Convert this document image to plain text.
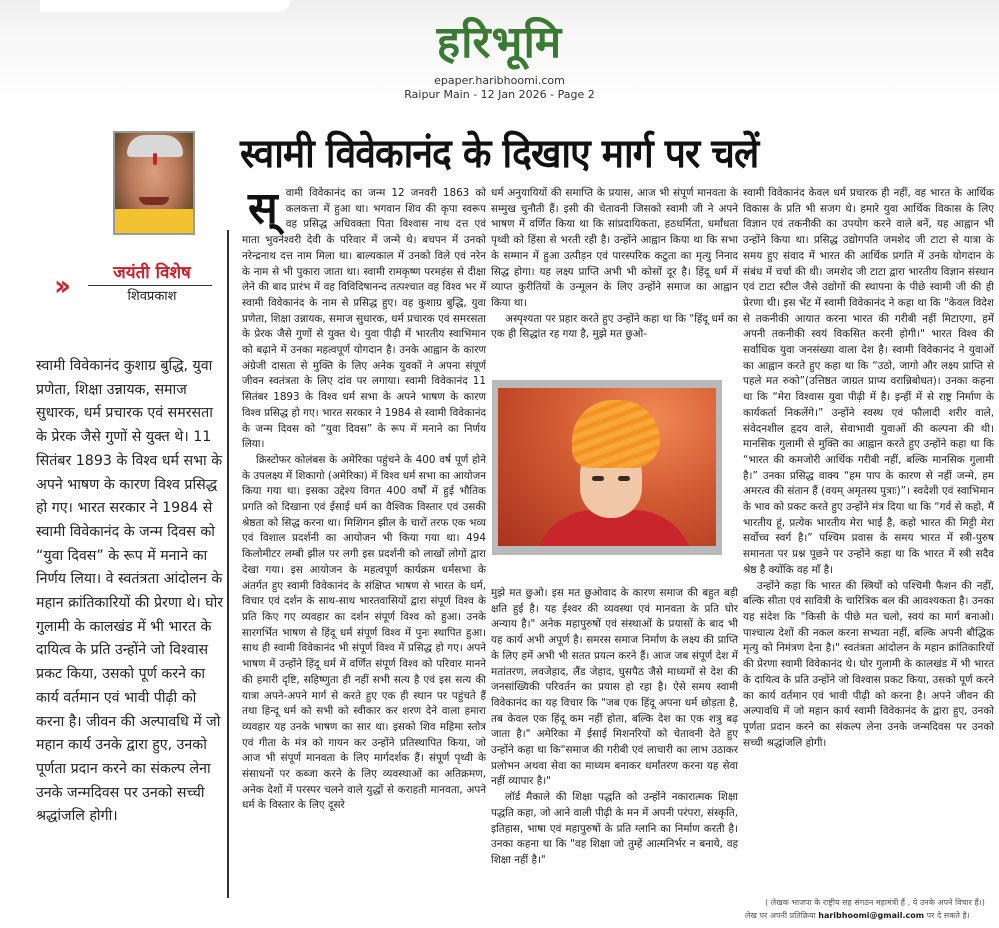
हरिभूमि
epaper.haribhoomi.com
Raipur Main - 12 Jan 2026 - Page 2
››	जयंती विशेष
शिवप्रकाश
स्वामी विवेकानंद कुशाग्र बुद्धि, युवा प्रणेता, शिक्षा उन्नायक, समाज सुधारक, धर्म प्रचारक एवं समरसता के प्रेरक जैसे गुणों से युक्त थे। 11 सितंबर 1893 के विश्व धर्म सभा के अपने भाषण के कारण विश्व प्रसिद्ध हो गए। भारत सरकार ने 1984 से स्वामी विवेकानंद के जन्म दिवस को “युवा दिवस” के रूप में मनाने का निर्णय लिया। वे स्वतंत्रता आंदोलन के महान क्रांतिकारियों की प्रेरणा थे। घोर गुलामी के कालखंड में भी भारत के दायित्व के प्रति उन्होंने जो विश्वास प्रकट किया, उसको पूर्ण करने का कार्य वर्तमान एवं भावी पीढ़ी को करना है। जीवन की अल्पावधि में जो महान कार्य उनके द्वारा हुए, उनको पूर्णता प्रदान करने का संकल्प लेना उनके जन्मदिवस पर उनको सच्ची श्रद्धांजलि होगी।
स्वामी विवेकानंद के दिखाए मार्ग पर चलें
स् वामी विवेकानंद का जन्म 12 जनवरी 1863 को कलकत्ता में हुआ था। भगवान शिव की कृपा स्वरूप वह प्रसिद्ध अधिवक्ता पिता विश्वास नाथ दत्त एवं माता भुवनेश्वरी देवी के परिवार में जन्मे थे। बचपन में उनको नरेन्द्रनाथ दत्त नाम मिला था। बाल्यकाल में उनको विले एवं नरेन के नाम से भी पुकारा जाता था। स्वामी रामकृष्ण परमहंस से दीक्षा लेने की बाद प्रारंभ में वह विविदिषानन्द तत्पश्चात वह विश्व भर में स्वामी विवेकानंद के नाम से प्रसिद्ध हुए। वह कुशाग्र बुद्धि, युवा प्रणेता, शिक्षा उन्नायक, समाज सुधारक, धर्म प्रचारक एवं समरसता के प्रेरक जैसे गुणों से युक्त थे। युवा पीढ़ी में भारतीय स्वाभिमान को बढ़ाने में उनका महत्वपूर्ण योगदान है। उनके आह्वान के कारण अंग्रेजी दासता से मुक्ति के लिए अनेक युवकों ने अपना संपूर्ण जीवन स्वतंत्रता के लिए दांव पर लगाया। स्वामी विवेकानंद 11 सितंबर 1893 के विश्व धर्म सभा के अपने भाषण के कारण विश्व प्रसिद्ध हो गए। भारत सरकार ने 1984 से स्वामी विवेकानंद के जन्म दिवस को “युवा दिवस” के रूप में मनाने का निर्णय लिया।

क्रिस्टोफर कोलंबस के अमेरिका पहुंचने के 400 वर्ष पूर्ण होने के उपलक्ष्य में शिकागो (अमेरिका) में विश्व धर्म सभा का आयोजन किया गया था। इसका उद्देश्य विगत 400 वर्षों में हुई भौतिक प्रगति को दिखाना एवं ईसाई धर्म का वैश्विक विस्तार एवं उसकी श्रेष्ठता को सिद्ध करना था। मिशिगन झील के चारों तरफ एक भव्य एवं विशाल प्रदर्शनी का आयोजन भी किया गया था। 494 किलोमीटर लम्बी झील पर लगी इस प्रदर्शनी को लाखों लोगों द्वारा देखा गया। इस आयोजन के महत्वपूर्ण कार्यक्रम धर्मसभा के अंतर्गत हुए स्वामी विवेकानंद के संक्षिप्त भाषण से भारत के धर्म, विचार एवं दर्शन के साथ-साथ भारतवासियों द्वारा संपूर्ण विश्व के प्रति किए गए व्यवहार का दर्शन संपूर्ण विश्व को हुआ। उनके सारगर्भित भाषण से हिंदू धर्म संपूर्ण विश्व में पुनः स्थापित हुआ। साथ ही स्वामी विवेकानंद भी संपूर्ण विश्व में प्रसिद्ध हो गए। अपने भाषण में उन्होंने हिंदू धर्म में वर्णित संपूर्ण विश्व को परिवार मानने की हमारी दृष्टि, सहिष्णुता ही नहीं सभी सत्य है एवं इस सत्य की यात्रा अपने-अपने मार्ग से करते हुए एक ही स्थान पर पहुंचते हैं तथा हिन्दू धर्म को सभी को स्वीकार कर शरण देने वाला हमारा व्यवहार यह उनके भाषण का सार था। इसको शिव महिमा स्तोत्र एवं गीता के मंत्र को गायन कर उन्होंने प्रतिस्थापित किया, जो आज भी संपूर्ण मानवता के लिए मार्गदर्शक हैं। संपूर्ण पृथ्वी के संसाधनों पर कब्जा करने के लिए व्यवस्थाओं का अतिक्रमण, अनेक देशों में परस्पर चलने वाले युद्धों से कराहती मानवता, अपने धर्म के विस्तार के लिए दूसरे

धर्म अनुयायियों की समाप्ति के प्रयास, आज भी संपूर्ण मानवता के सम्मुख चुनौती हैं। इसी की चेतावनी जिसको स्वामी जी ने अपने भाषण में वर्णित किया था कि सांप्रदायिकता, हठधर्मिता, धर्मांधता पृथ्वी को हिंसा से भरती रही है। उन्होंने आह्वान किया था कि सभा के सम्मान में हुआ उत्पीड़न एवं पारस्परिक कटुता का मृत्यु निनाद सिद्ध होगा। यह लक्ष्य प्राप्ति अभी भी कोसों दूर है। हिंदू धर्म में व्याप्त कुरीतियों के उन्मूलन के लिए उन्होंने समाज का आह्वान किया था।

अस्पृश्यता पर प्रहार करते हुए उन्होंने कहा था कि "हिंदू धर्म का एक ही सिद्धांत रह गया है, मुझे मत छुओ-

मुझे मत छुओ। इस मत छुओवाद के कारण समाज की बहुत बड़ी क्षति हुई है। यह ईश्वर की व्यवस्था एवं मानवता के प्रति घोर अन्याय है।" अनेक महापुरुषों एवं संस्थाओं के प्रयासों के बाद भी यह कार्य अभी अपूर्ण है। समरस समाज निर्माण के लक्ष्य की प्राप्ति के लिए हमें अभी भी सतत प्रयत्न करने हैं। आज जब संपूर्ण देश में मतांतरण, लवजेहाद, लैंड जेहाद, घुसपैठ जैसे माध्यमों से देश की जनसांख्यिकी परिवर्तन का प्रयास हो रहा है। ऐसे समय स्वामी विवेकानंद का यह विचार कि "जब एक हिंदू अपना धर्म छोड़ता है, तब केवल एक हिंदू कम नहीं होता, बल्कि देश का एक शत्रु बढ़ जाता है।" अमेरिका में ईसाई मिशनरियों को चेतावनी देते हुए उन्होंने कहा था कि"समाज की गरीबी एवं लाचारी का लाभ उठाकर प्रलोभन अथवा सेवा का माध्यम बनाकर धर्मांतरण करना यह सेवा नहीं व्यापार है।"

लॉर्ड मैकाले की शिक्षा पद्धति को उन्होंने नकारात्मक शिक्षा पद्धति कहा, जो आने वाली पीढ़ी के मन में अपनी परंपरा, संस्कृति, इतिहास, भाषा एवं महापुरुषों के प्रति ग्लानि का निर्माण करती है। उनका कहना था कि "वह शिक्षा जो तुम्हें आत्मनिर्भर न बनाये, वह शिक्षा नहीं है।"

स्वामी विवेकानंद केवल धर्म प्रचारक ही नहीं, वह भारत के आर्थिक विकास के प्रति भी सजग थे। हमारे युवा आर्थिक विकास के लिए विज्ञान एवं तकनीकी का उपयोग करने वाले बनें, यह आह्वान भी उन्होंने किया था। प्रसिद्ध उद्योगपति जमशेद जी टाटा से यात्रा के समय हुए संवाद में भारत की आर्थिक प्रगति में उनके योगदान के संबंध में चर्चा की थी। जमशेद जी टाटा द्वारा भारतीय विज्ञान संस्थान एवं टाटा स्टील जैसे उद्योगों की स्थापना के पीछे स्वामी जी की ही प्रेरणा थी। इस भेंट में स्वामी विवेकानंद ने कहा था कि "केवल विदेश से तकनीकी आयात करना भारत की गरीबी नहीं मिटाएगा, हमें अपनी तकनीकी स्वयं विकसित करनी होगी।" भारत विश्व की सर्वाधिक युवा जनसंख्या वाला देश है। स्वामी विवेकानंद ने युवाओं का आह्वान करते हुए कहा था कि “उठो, जागो और लक्ष्य प्राप्ति से पहले मत रुको”(उत्तिष्ठत जाग्रत प्राप्य वरान्निबोधत)। उनका कहना था कि “मेरा विश्वास युवा पीढ़ी में है। इन्हीं में से राष्ट्र निर्माण के कार्यकर्ता निकलेंगे।” उन्होंने स्वस्थ एवं फौलादी शरीर वाले, संवेदनशील हृदय वाले, सेवाभावी युवाओं की कल्पना की थी। मानसिक गुलामी से मुक्ति का आह्वान करते हुए उन्होंने कहा था कि “भारत की कमजोरी आर्थिक गरीबी नहीं, बल्कि मानसिक गुलामी है।” उनका प्रसिद्ध वाक्य “हम पाप के कारण से नहीं जन्मे, हम अमरत्व की संतान हैं (वयम् अमृतस्य पुत्राः)”। स्वदेशी एवं स्वाभिमान के भाव को प्रकट करते हुए उन्होंने मंत्र दिया था कि “गर्व से कहो, मैं भारतीय हूं, प्रत्येक भारतीय मेरा भाई है, कहो भारत की मिट्टी मेरा सर्वोच्च स्वर्ग है।” पश्चिम प्रवास के समय भारत में स्त्री-पुरुष समानता पर प्रश्न पूछने पर उन्होंने कहा था कि भारत में स्त्री सदैव श्रेष्ठ है क्योंकि वह माँ है।

उन्होंने कहा कि भारत की स्त्रियों को पश्चिमी फैशन की नहीं, बल्कि सीता एवं सावित्री के चारित्रिक बल की आवश्यकता है। उनका यह संदेश कि "किसी के पीछे मत चलो, स्वयं का मार्ग बनाओ। पाश्चात्य देशों की नकल करना सभ्यता नहीं, बल्कि अपनी बौद्धिक मृत्यु को निमंत्रण देना है।" स्वतंत्रता आंदोलन के महान क्रांतिकारियों की प्रेरणा स्वामी विवेकानंद थे। घोर गुलामी के कालखंड में भी भारत के दायित्व के प्रति उन्होंने जो विश्वास प्रकट किया, उसको पूर्ण करने का कार्य वर्तमान एवं भावी पीढ़ी को करना है। अपने जीवन की अल्पावधि में जो महान कार्य स्वामी विवेकानंद के द्वारा हुए, उनको पूर्णता प्रदान करने का संकल्प लेना उनके जन्मदिवस पर उनको सच्ची श्रद्धांजलि होगी।

( लेखक भाजपा के राष्ट्रीय सह संगठन महामंत्री हैं , ये उनके अपने विचार हैं।)
लेख पर अपनी प्रतिक्रिया haribhoomi@gmail.com पर दे सकते है।
